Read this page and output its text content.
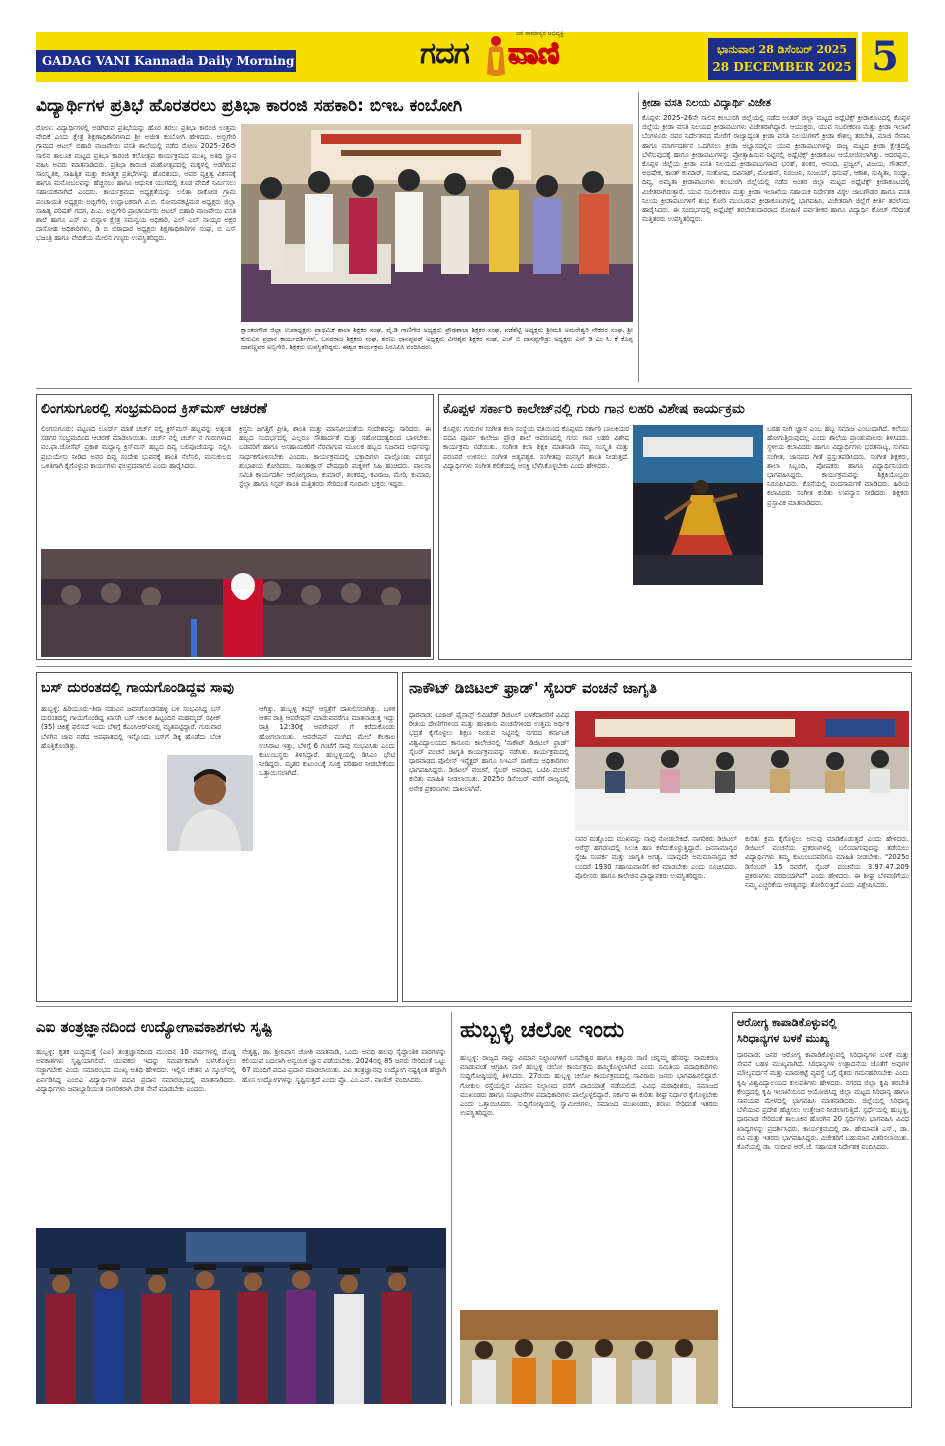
GADAG VANI Kannada Daily Morning	ಗದಗ ವಾಣಿ
ಜನ ಸಾಮಾನ್ಯರ ಅಭಿವ್ಯಕ್ತಿ
ಭಾನುವಾರ 28 ಡಿಸೆಂಬರ್ 2025
28 DECEMBER 2025 5
ವಿದ್ಯಾರ್ಥಿಗಳ ಪ್ರತಿಭೆ ಹೊರತರಲು ಪ್ರತಿಭಾ ಕಾರಂಜಿ ಸಹಕಾರಿ: ಬಿಇಒ ಕಂಬೋಗಿ
ರೋಣ: ವಿದ್ಯಾರ್ಥಿಗಳಲ್ಲಿ ಅಡಗಿರುವ ಪ್ರತಿಭೆಯನ್ನು ಹೊರ ತರಲು ಪ್ರತಿಭಾ ಕಾರಂಜಿ ಉತ್ತಮ ವೇದಿಕೆ ಎಂದು ಕ್ಷೇತ್ರ ಶಿಕ್ಷಣಾಧಿಕಾರಿಗಳಾದ ಶ್ರೀ ಅಜೀತ ಕಂಬೋಗಿ ಹೇಳಿದರು. ಅಬ್ಬಿಗೇರಿ ಗ್ರಾಮದ ಆಟಲ್ ಬಿಹಾರಿ ವಾಜಪೇಯಿ ವಸತಿ ಶಾಲೆಯಲ್ಲಿ ನಡೆದ ರೋಣ 2025–26ನೇ ಸಾಲಿನ ತಾಲೂಕ ಮಟ್ಟದ ಪ್ರತಿಭಾ ಕಾರಂಜಿ ಕಲೋತ್ಸವ ಕಾರ್ಯಕ್ರಮದ ಮುಖ್ಯ ಅತಿಥಿ ಸ್ಥಾನ ವಹಿಸಿ ಅವರು ಮಾತನಾಡಿದರು. ಪ್ರತಿಭಾ ಕಾರಂಜಿ ಮಹೋತ್ಸವದಲ್ಲಿ ಮಕ್ಕಳಲ್ಲಿ ಅಡಗಿರುವ ಸಾಂಸ್ಕೃತಿಕ, ಸಾಹಿತ್ಯಿಕ ಮತ್ತು ಕಲಾತ್ಮಕ ಪ್ರತಿಭೆಗಳನ್ನು ಹೊರತಂದು, ಅವರ ವ್ಯಕ್ತಿತ್ವ ವಿಕಸನಕ್ಕೆ ಹಾಗೂ ಮನೋಬಲವನ್ನು ಹೆಚ್ಚಿಸಲು ಹಾಗೂ ಆಧುನಿಕ ಯುಗದಲ್ಲಿ ಕೂಡ ವೇದಿಕೆ ನಿರ್ಮಿಸಲು ಸಹಾಯಕವಾಗಿದೆ ಎಂದರು. ಕಾರ್ಯಕ್ರಮದ ಅಧ್ಯಕ್ಷತೆಯನ್ನು ಲಲಿತಾ ರಾಕೋಡ ಗ್ರಾಮ ಪಂಚಾಯತಿ ಅಧ್ಯಕ್ಷರು ಅಬ್ಬಿಗೇರಿ, ಉದ್ಘಾಟಕರಾಗಿ ವಿ.ಬಿ. ಸೋಮನಕಟ್ಟಿಮಠ ಅಧ್ಯಕ್ಷರು ಜಿಲ್ಲಾ ಸಾಹಿತ್ಯ ಪರಿಷತ್ ಗದಗ, ಪಿ.ಎ. ಅಬ್ಬಿಗೇರಿ ಪ್ರಾಚಾರ್ಯರು ಆಟಲ್ ಬಿಹಾರಿ ವಾಜಪೇಯಿ ವಸತಿ ಶಾಲೆ ಹಾಗೂ ಎಸ್ ಎ ಬಿನ್ನಾಳ ಕ್ಷೇತ್ರ ಸಮನ್ವಯ ಅಧಿಕಾರಿ, ಎಲ್ ಎಲ್ ನಾಯ್ಕರ ಅಕ್ಷರ ದಾಸೋಹ ಅಧಿಕಾರಿಗಳು, ಡಿ ಬಿ ಬಿರಾದಾರ ಅಧ್ಯಕ್ಷರು ಶಿಕ್ಷಣಾಧಿಕಾರಿಗಳ ಸಂಘ, ಬಿ ಎಸ್ ಭಜಂತ್ರಿ ಹಾಗೂ ವೇದಿಕೆಯ ಮೇಲಿನ ಗಣ್ಯರು ಉಪಸ್ಥಿತರಿದ್ದರು.
ಕ್ಷಾಂತರಗೌಡ ಜಿಲ್ಲಾ ಉಪಾಧ್ಯಕ್ಷರು ಪ್ರಾಥಮಿಕ ಶಾಲಾ ಶಿಕ್ಷಕರ ಸಂಘ, ವೈ.ಡಿ ಗಾಣಿಗೇರ ಅಧ್ಯಕ್ಷರು ಪ್ರೌಢಶಾಲಾ ಶಿಕ್ಷಕರ ಸಂಘ, ಪಡೆಶೆಟ್ಟಿ ಅಧ್ಯಕ್ಷರು ಶ್ರೀಮತಿ ಅಮರೇಶ್ವರಿ ನೌಕರರ ಸಂಘ, ಶ್ರೀ ಕುರುವಿನ ಪ್ರಧಾನ ಕಾರ್ಯದರ್ಶಿಗಳು, ಬಸವರಾಜ ಶಿಕ್ಷಕರು ಸಂಘ, ಶರಣು ಧಾನಪ್ಪವರ್ ಅಧ್ಯಕ್ಷರು ವೀರಶೈವ ಶಿಕ್ಷಕರ ಸಂಘ, ಎಚ್ ಬಿ ದಾನಪ್ಪಗೌಡ್ರು ಅಧ್ಯಕ್ಷರು ಎಸ್ ಡಿ ಎಂ ಸಿ, ಕೆ ಕೊಪ್ಪ ದಾವಣ್ಣವರ ಅಬ್ಬಿಗೇರಿ, ಶಿಕ್ಷಕರು ಉಪಸ್ಥಿತರಿದ್ದರು. ಈಶ್ವರ ಕಾರ್ಯಕ್ರಮ ನಿರೂಪಿಸಿ ವಂದಿಸಿದರು.
ಕ್ರೀಡಾ ವಸತಿ ನಿಲಯ ವಿದ್ಯಾರ್ಥಿ ವಿಜೇತ
ಕೊಪ್ಪಳ: 2025–26ನೇ ಸಾಲಿನ ಕಲಬುರಗಿ ಜಿಲ್ಲೆಯಲ್ಲಿ ನಡೆದ ಅಂತರ್ ಜಿಲ್ಲಾ ಮಟ್ಟದ ಅಥ್ಲೆಟಿಕ್ಸ್ ಕ್ರೀಡಾಕೂಟದಲ್ಲಿ ಕೊಪ್ಪಳ ಜಿಲ್ಲೆಯ ಕ್ರೀಡಾ ವಸತಿ ನಿಲಯದ ಕ್ರೀಡಾಪಟುಗಳು ವಿಜೇತರಾಗಿದ್ದಾರೆ. ಆಯುಕ್ತರು, ಯುವ ಸಬಲೀಕರಣ ಮತ್ತು ಕ್ರೀಡಾ ಇಲಾಖೆ ಬೆಂಗಳೂರು ರವರ ನಿರ್ದೇಶನದ ಮೇರೆಗೆ ರಾಜ್ಯಾದ್ಯಂತ ಕ್ರೀಡಾ ವಸತಿ ನಿಲಯಗಳಿಗೆ ಕ್ರೀಡಾ ಕೌಶಲ್ಯ ತರಬೇತಿ, ಮಾಜಿ ಸೇನಾನಿ ಹಾಗೂ ಮಾರ್ಗದರ್ಶನ ಒದಗಿಸಲು ಕ್ರೀಡಾ ಅಭ್ಯಾಸದಲ್ಲಿನ ಯುವ ಕ್ರೀಡಾಪಟುಗಳನ್ನು ರಾಜ್ಯ ಮಟ್ಟದ ಕ್ರೀಡಾ ಕ್ಷೇತ್ರದಲ್ಲಿ ಬೆಳೆಸುವುದಕ್ಕೆ ಹಾಗೂ ಕ್ರೀಡಾಪಟುಗಳನ್ನು ಪ್ರೋತ್ಸಾಹಿಸುವ ನಿಟ್ಟಿನಲ್ಲಿ ಅಥ್ಲೆಟಿಕ್ಸ್ ಕ್ರೀಡಾಕೂಟ ಆಯೋಜಿಸಲಾಗಿತ್ತು. ಆದರಪ್ಪನು, ಕೊಪ್ಪಳ ಜಿಲ್ಲೆಯ ಕ್ರೀಡಾ ವಸತಿ ನಿಲಯದ ಕ್ರೀಡಾಪಟುಗಳಾದ ಭರತ್, ಶಂಕರ, ಆನಂದ, ಪ್ರಜ್ವಲ್, ವಿಜಯ, ಗೌತಮ್, ಅಭಿಷೇಕ, ಕಾಂತ್ ಕುಮಾರ್, ಸಂತೋಷ, ದವಿನಾಶ್, ಮೋಹನ್, ನಿರಂಜನಿ, ಸಂಜಯ್, ಧನುಷ್, ಆಕಾಶ, ಸುಷ್ಮಿತಾ, ಸಂಧ್ಯಾ, ದಿವ್ಯ, ಅಮೃತಾ ಕ್ರೀಡಾಪಟುಗಳು ಕಲಬುರಗಿ ಜಿಲ್ಲೆಯಲ್ಲಿ ನಡೆದ ಅಂತರ ಜಿಲ್ಲಾ ಮಟ್ಟದ ಅಥ್ಲೆಟಿಕ್ಸ್ ಕ್ರೀಡಾಕೂಟದಲ್ಲಿ ವಿಜೇತರಾಗಿರುತ್ತಾರೆ. ಯುವ ಸಬಲೀಕರಣ ಮತ್ತು ಕ್ರೀಡಾ ಇಲಾಖೆಯ ಸಹಾಯಕ ನಿರ್ದೇಶಕ ವಿಠ್ಠಲ ಜಾಬಗೌಡರ ಹಾಗೂ ವಸತಿ ನಿಲಯ ಕ್ರೀಡಾಪಟುಗಳಿಗೆ ಶುಭ ಕೋರಿ ಮುಂಬರುವ ಕ್ರೀಡಾಕೂಟಗಳಲ್ಲಿ ಭಾಗವಹಿಸಿ, ವಿಜೇತರಾಗಿ ಜಿಲ್ಲೆಗೆ ಕೀರ್ತಿ ತರಲೆಂದು ಹಾರೈಸಿದರು. ಈ ಸಂದರ್ಭದಲ್ಲಿ ಅಥ್ಲೆಟಿಕ್ಸ್ ತರಬೇತುದಾರರಾದ ರೋಹಿಣಿ ಪರ್ವತೀಕರ ಹಾಗೂ ವಿದ್ಯಾರ್ಥಿ ಕೋಚ್ ಸೆರಿದಂತೆ ಮತ್ತಿತರರು ಉಪಸ್ಥಿತರಿದ್ದರು.
ಲಿಂಗಸುಗೂರಲ್ಲಿ ಸಂಭ್ರಮದಿಂದ ಕ್ರಿಸ್‌ಮಸ್ ಆಚರಣೆ
ಲಿಂಗಸುಗೂರು: ಪಟ್ಟಣದ ಲೂರ್ದ್ ಮಾತೆ ಚರ್ಚ್ ನಲ್ಲಿ ಕ್ರಿಸ್‌ಮಸ್ ಹಬ್ಬವನ್ನು ಅತ್ಯಂತ ಸಡಗರ ಸಂಭ್ರಮದಿಂದ ಆಚರಣೆ ಮಾಡಲಾಯಿತು. ಚರ್ಚ್ ನಲ್ಲಿ ಚರ್ಚ್ ನ ಗುರುಗಳಾದ ವಂ.ಫಾ.ಜೋಸೆಫ್ ಪ್ರಕಾಶ ಮದ್ದಾನ್ಯ ಕ್ರಿಸ್‌ಮಸ್ ಹಬ್ಬದ ದಿವ್ಯ ಬಲಿಪೂಜೆಯನ್ನು ಸಲ್ಲಿಸಿ ಪ್ರಭುಯೇಸು ನೀಡಿದ ಅವರ ದಿವ್ಯ ಸಂದೇಶ ಭುವನಕ್ಕೆ ಶಾಂತಿ ನೆಲೆಸಲಿ, ಮನುಕುಲದ ಒಳಿತಿಗಾಗಿ ಕೈಗೊಳ್ಳುವ ಕಾರ್ಯಗಳು ಫಲಪ್ರದವಾಗಲಿ ಎಂದು ಹಾರೈಸಿದರು.
ಕ್ರಿಸ್ತನು ಜಗತ್ತಿಗೆ ಪ್ರೀತಿ, ಶಾಂತಿ ಮತ್ತು ಮಾನವೀಯತೆಯ ಸಂದೇಶವನ್ನು ಸಾರಿದರು. ಈ ಹಬ್ಬದ ಸಂದರ್ಭದಲ್ಲಿ ಎಲ್ಲರೂ ಸೌಹಾರ್ದತೆ ಮತ್ತು ಸಹೋದರತ್ವದಿಂದ ಬಾಳಬೇಕು. ಬಡವರಿಗೆ ಹಾಗೂ ಅಸಹಾಯಕರಿಗೆ ನೆರವಾಗುವ ಮೂಲಕ ಹಬ್ಬದ ನಿಜವಾದ ಅರ್ಥವನ್ನು ಸಾರ್ಥಕಗೊಳಿಸಬೇಕು ಎಂದರು. ಕಾರ್ಯಕ್ರಮದಲ್ಲಿ ಭಕ್ತಾದಿಗಳು ಪಾಲ್ಗೊಂಡು ಪರಸ್ಪರ ಶುಭಾಶಯ ಕೋರಿದರು. ಸಾಂತಾಕ್ಲಾಸ್ ವೇಷಧಾರಿ ಮಕ್ಕಳಿಗೆ ಸಿಹಿ ಹಂಚಿದರು. ಪಾಲನಾ ಸಮಿತಿ ಕಾರ್ಯದರ್ಶಿ ಆರೋಗ್ಯರಾಜ, ಕುಮಾರ್, ಶಂಕರಪ್ಪ, ಕವಿರಾಜ, ಮೇರಿ, ಕುಮಾರ, ಸ್ಟೆಲ್ಲಾ ಹಾಗೂ ಸಿಸ್ಟರ್ ಶಾಂತಿ ಮತ್ತಿತರರು ಸೇರಿದಂತೆ ನೂರಾರು ಭಕ್ತರು ಇದ್ದರು.
ಕೊಪ್ಪಳ ಸರ್ಕಾರಿ ಕಾಲೇಜ್‌ನಲ್ಲಿ ಗುರು ಗಾನ ಲಹರಿ ವಿಶೇಷ ಕಾರ್ಯಕ್ರಮ
ಕೊಪ್ಪಳ: ಗುರುಗಳ ಸಂಗೀತ ಕಲಾ ಸಂಸ್ಥೆಯ ವತಿಯಿಂದ ಕೊಪ್ಪಳದ ಸರ್ಕಾರಿ ಬಾಲಕಿಯರ ಪದವಿ ಪೂರ್ವ ಕಾಲೇಜು ಪ್ರೌಢ ಶಾಲೆ ಆವರಣದಲ್ಲಿ ಗುರು ಗಾನ ಲಹರಿ ವಿಶೇಷ ಕಾರ್ಯಕ್ರಮ ನಡೆಯಿತು. ಸಂಗೀತ ಕಲಾ ಶಿಕ್ಷಕಿ ಮಾತನಾಡಿ ನಮ್ಮ ಸಂಸ್ಕೃತಿ ಮತ್ತು ಪರಂಪರೆ ಉಳಿಸಲು ಸಂಗೀತ ಅತ್ಯವಶ್ಯಕ. ಸಂಗೀತವು ಮನಸ್ಸಿಗೆ ಶಾಂತಿ ನೀಡುತ್ತದೆ. ವಿದ್ಯಾರ್ಥಿಗಳು ಸಂಗೀತ ಕಲಿಕೆಯಲ್ಲಿ ಆಸಕ್ತಿ ಬೆಳೆಸಿಕೊಳ್ಳಬೇಕು ಎಂದು ಹೇಳಿದರು.
ಬರಹ ನೀಗಿ ಜ್ಞಾನ ಎಂಬ ಹಬ್ಬ ಸಮಾಜ ಎಂಬುದಾಗಿದೆ. ಕಲೆಯು ಹೋಗುತ್ತಿರುವುದಲ್ಲ ಎಂದು ಶಾಲೆಯ ಪ್ರಾಂಶುಪಾಲರು ತಿಳಿಸಿದರು. ಸ್ಥಳೀಯ ಕಲಾವಿದರು ಹಾಗೂ ವಿದ್ಯಾರ್ಥಿಗಳು ಭರತನಾಟ್ಯ, ಸುಗಮ ಸಂಗೀತ, ಜಾನಪದ ಗೀತೆ ಪ್ರಸ್ತುತಪಡಿಸಿದರು. ಸಂಗೀತ ಶಿಕ್ಷಕರು, ಶಾಲಾ ಸಿಬ್ಬಂದಿ, ಪೋಷಕರು ಹಾಗೂ ವಿದ್ಯಾರ್ಥಿನಿಯರು ಭಾಗವಹಿಸಿದ್ದರು. ಕಾರ್ಯಕ್ರಮವನ್ನು ಶಿಕ್ಷಕಿಯೊಬ್ಬರು ನಿರೂಪಿಸಿದರು. ಕೊನೆಯಲ್ಲಿ ವಂದನಾರ್ಪಣೆ ಮಾಡಿದರು. ಹಿರಿಯ ಕಲಾವಿದರು ಸಂಗೀತ ಕುರಿತು ಉಪನ್ಯಾಸ ನೀಡಿದರು. ಶಿಕ್ಷಕರು ಪ್ರಸ್ತಾವಿಕ ಮಾತನಾಡಿದರು.
ಬಸ್ ದುರಂತದಲ್ಲಿ ಗಾಯಗೊಂಡಿದ್ದವ ಸಾವು
ಹುಬ್ಬಳ್ಳಿ: ಹಿರಿಯೂರು–ಶಿರಾ ನಡುವಿನ ಜವನಗೊಂಡನಹಳ್ಳಿ ಬಳಿ ಸಂಭವಿಸಿದ್ದ ಬಸ್ ದುರಂತದಲ್ಲಿ ಗಾಯಗೊಂಡಿದ್ದ ಖಾಸಗಿ ಬಸ್ ಚಾಲಕ ಹಿಟ್ಟಂದಿನ ಮಹಮ್ಮದ್ ರಫೀಕ್ (35) ಚಿಕಿತ್ಸೆ ಫಲಿಸದೆ ಇಂದು ಬೆಳಿಗ್ಗೆ ಕೆಎಂಸಿಆರ್‌ಐನಲ್ಲಿ ಮೃತಪಟ್ಟಿದ್ದಾರೆ. ಗುರುವಾರ ಬೆಳಗಿನ ಜಾವ ನಡೆದ ಅಪಘಾತದಲ್ಲಿ ಇನ್ನೊಂದು ಬಸ್‌ಗೆ ಡಿಕ್ಕಿ ಹೊಡೆದು ಬೆಂಕಿ ಹೊತ್ತಿಕೊಂಡಿತ್ತು.
ಆಗಿತ್ತು. ಹುಬ್ಬಳ್ಳಿ ಕಿಮ್ಸ್ ಆಸ್ಪತ್ರೆಗೆ ದಾಖಲಿಸಲಾಗಿತ್ತು. ಬಳಿಕ ಆತನ ರಾತ್ರಿ ಆಪರೇಷನ್ ಮಾಡುವವರೆಗೂ ಮಾತನಾಡುತ್ತ ಇದ್ದು ರಾತ್ರಿ 12:30ಕ್ಕೆ ಆಪರೇಷನ್ ಗೆ ಕರೆದುಕೊಂಡು ಹೋಗಲಾಯಿತು. ಆಪರೇಷನ್ ಮುಗಿದ ಮೇಲೆ ಕೆಲಕಾಲ ಉಸಿರಾಟ ಇತ್ತು, ಬೆಳಿಗ್ಗೆ 6 ಗಂಟೆಗೆ ಸಾವು ಸಂಭವಿಸಿತು ಎಂದು ಕುಟುಂಬಸ್ಥರು ತಿಳಿಸಿದ್ದಾರೆ. ಹುಬ್ಬಳ್ಳಿಯಲ್ಲಿ ಡಿಸಿಎಂ ಭೇಟಿ ನೀಡಿದ್ದರು. ಮೃತರ ಕುಟುಂಬಕ್ಕೆ ಸೂಕ್ತ ಪರಿಹಾರ ನೀಡಬೇಕೆಂದು ಒತ್ತಾಯಿಸಲಾಗಿದೆ.
ನಾಕೌಟ್ ಡಿಜಿಟಲ್ ಫ್ರಾಡ್' ಸೈಬರ್ ವಂಚನೆ ಜಾಗೃತಿ
ಧಾರವಾಡ: ಬಜಾಜ್ ಫೈನಾನ್ಸ್ ಲಿಮಿಟೆಡ್ ಡಿಜಿಟಲ್ ಬಳಕೆದಾರರಿಗೆ ವಿವಿಧ ರೀತಿಯ ದೇಣಿಗೆಗಳಿಂದ ಮತ್ತು ಹಣಕಾಸು ವಂಚನೆಗಳಿಂದ ಉತ್ತಮ ಅರ್ಥಿಕ ಭದ್ರತೆ ಕೈಗೊಳ್ಳಲು ಶಿಕ್ಷಣ ನೀಡುವ ನಿಟ್ಟಿನಲ್ಲಿ ನಗರದ ಕರ್ನಾಟಕ ವಿಶ್ವವಿದ್ಯಾಲಯದ ಕಾನೂನು ಕಾಲೇಜಿನಲ್ಲಿ 'ನಾಕೌಟ್ ಡಿಜಿಟಲ್ ಫ್ರಾಡ್' ಸೈಬರ್ ವಂಚನೆ ಜಾಗೃತಿ ಕಾರ್ಯಕ್ರಮವನ್ನು ನಡೆಸಿತು. ಕಾರ್ಯಕ್ರಮದಲ್ಲಿ ಧಾರವಾಡದ ಪೊಲೀಸ್ ಇನ್ಸ್ಪೆಕ್ಟರ್ ಹಾಗೂ ಸಿಇಎನ್ ಠಾಣೆಯ ಅಧಿಕಾರಿಗಳು ಭಾಗವಹಿಸಿದ್ದರು. ಡಿಜಿಟಲ್ ವಂಚನೆ, ಸೈಬರ್ ಅಪರಾಧ, ಒಟಿಪಿ ವಂಚನೆ ಕುರಿತು ಮಾಹಿತಿ ನೀಡಲಾಯಿತು. 2025ರ ಡಿಸೆಂಬರ್ ವರೆಗೆ ರಾಜ್ಯದಲ್ಲಿ ಅನೇಕ ಪ್ರಕರಣಗಳು ದಾಖಲಾಗಿವೆ.
ನವರ ಮತ್ತೊಂದು ಮುಖವನ್ನು ನಾವು ನೋಡಬೇಕಿದೆ. ನಾಗರಿಕರು ಡಿಜಿಟಲ್ ಅರೆಸ್ಟ್ ಹಗರಣದಲ್ಲಿ ಸಿಲುಕಿ ಹಣ ಕಳೆದುಕೊಳ್ಳುತ್ತಿದ್ದಾರೆ. ಜನಸಾಮಾನ್ಯರ ಸ್ನೇಹಿ ಸಂಪರ್ಕ ಮತ್ತು ಜಾಗೃತಿ ಅಗತ್ಯ. ಯಾವುದೇ ಅನುಮಾನಾಸ್ಪದ ಕರೆ ಬಂದರೆ 1930 ಸಹಾಯವಾಣಿಗೆ ಕರೆ ಮಾಡಬೇಕು ಎಂದು ಸೂಚಿಸಿದರು. ಪೊಲೀಸರು ಹಾಗೂ ಕಾಲೇಜಿನ ಪ್ರಾಧ್ಯಾಪಕರು ಉಪಸ್ಥಿತರಿದ್ದರು.
ಕುರಿತು ಕ್ರಮ ಕೈಗೊಳ್ಳಲು ಅನುವು ಮಾಡಿಕೊಡುತ್ತದೆ ಎಂದು ಹೇಳಿದರು. ಡಿಜಿಟಲ್ ವಂಚನೆಯ ಪ್ರಕರಣಗಳಲ್ಲಿ ಬಲಿಯಾಗುವುದನ್ನು ತಡೆಯಲು ವಿದ್ಯಾರ್ಥಿಗಳು ತಮ್ಮ ಕುಟುಂಬದವರಿಗೂ ಮಾಹಿತಿ ನೀಡಬೇಕು. "2025ರ ಡಿಸೆಂಬರ್ 15 ರವರೆಗೆ, ಸೈಬರ್ ವಂಚನೆಯ 3.97.47.209 ಪ್ರಕರಣಗಳು ವರದಿಯಾಗಿವೆ" ಎಂದು ಹೇಳಿದರು. ಈ ಶೀಘ್ರ ಬೆಳವಣಿಗೆಯು ನಮ್ಮ ಎಚ್ಚರಿಕೆಯ ಅಗತ್ಯವನ್ನು ತೋರಿಸುತ್ತದೆ ಎಂದು ವಿಶ್ಲೇಷಿಸಿದರು.
ಎಐ ತಂತ್ರಜ್ಞಾನದಿಂದ ಉದ್ಯೋಗಾವಕಾಶಗಳು ಸೃಷ್ಟಿ
ಹುಬ್ಬಳ್ಳಿ: ಕೃತಕ ಬುದ್ಧಿಮತ್ತೆ (ಎಐ) ತಂತ್ರಜ್ಞಾನದಿಂದ ಮುಂದಿನ 10 ವರ್ಷಗಳಲ್ಲಿ ದೊಡ್ಡ ಅವಕಾಶಗಳು ಸೃಷ್ಟಿಯಾಗಲಿವೆ. ಯುವಕರು ಇದನ್ನು ಸಮರ್ಪಕವಾಗಿ ಬಳಸಿಕೊಳ್ಳಲು ಸಜ್ಜಾಗಬೇಕು ಎಂದು ಸಮಾರಂಭದ ಮುಖ್ಯ ಅತಿಥಿ ಹೇಳಿದರು. ಇಲ್ಲಿನ ಚೇತನ ವಿ ಸ್ಕೂಲ್‌ನಲ್ಲಿ ಏರ್ಪಡಿಸಿದ್ದ ಎಂಬಿಎ ವಿದ್ಯಾರ್ಥಿಗಳ ಪದವಿ ಪ್ರದಾನ ಸಮಾರಂಭದಲ್ಲಿ ಮಾತನಾಡಿದರು. ವಿದ್ಯಾರ್ಥಿಗಳು ಜವಾಬ್ದಾರಿಯುತ ನಾಗರಿಕರಾಗಿ ದೇಶ ಸೇವೆ ಮಾಡಬೇಕು ಎಂದರು.
ನೇತೃತ್ವ, ಡಾ. ಶ್ರೀನಿವಾಸ ಜೋಶಿ ಮಾತನಾಡಿ, ಒಂದು ಅವಧಿ ಹಲವು ಸೈದ್ಧಾಂತಿಕ ಪಾಠಗಳನ್ನು ಕಲಿಯುವ ಬದಲಾಗಿ ಅನ್ವಯಿಕ ಜ್ಞಾನ ಪಡೆಯಬೇಕು. 2024ರಲ್ಲಿ 85 ಜನರು ಸೇರಿದಂತೆ ಒಟ್ಟು 67 ಮಂದಿಗೆ ಪದವಿ ಪ್ರದಾನ ಮಾಡಲಾಯಿತು. ಎಐ ತಂತ್ರಜ್ಞಾನವು ಉದ್ಯೋಗ ನಷ್ಟಕ್ಕಿಂತ ಹೆಚ್ಚಾಗಿ ಹೊಸ ಉದ್ಯೋಗಗಳನ್ನು ಸೃಷ್ಟಿಸುತ್ತದೆ ಎಂದು ಪ್ರೊ. ಎಂ.ಎನ್. ವಾಣಿಜ್ ವಂದಿಸಿದರು.
ಹುಬ್ಬಳ್ಳಿ ಚಲೋ ಇಂದು
ಹುಬ್ಬಳ್ಳಿ: ರಾಜ್ಯದ ನಾನ್ನು ವಿಮಾನ ನಿಲ್ದಾಣಗಳಿಗೆ ಬಸವೇಶ್ವರ ಹಾಗೂ ಕಿತ್ತೂರು ರಾಣಿ ಚನ್ನಮ್ಮ ಹೆಸರನ್ನು ನಾಮಕರಣ ಮಾಡುವಂತೆ ಆಗ್ರಹಿಸಿ ನಾಳೆ ಹುಬ್ಬಳ್ಳಿ ಚಲೋ ಕಾರ್ಯಕ್ರಮ ಹಮ್ಮಿಕೊಳ್ಳಲಾಗಿದೆ ಎಂದು ಸಮಿತಿಯ ಪದಾಧಿಕಾರಿಗಳು ಸುದ್ದಿಗೋಷ್ಠಿಯಲ್ಲಿ ತಿಳಿಸಿದರು. 27ರಂದು ಹುಬ್ಬಳ್ಳಿ ಚಲೋ ಕಾರ್ಯಕ್ರಮದಲ್ಲಿ ಸಾವಿರಾರು ಜನರು ಭಾಗವಹಿಸಲಿದ್ದಾರೆ. ಗೋಕುಲ ರಸ್ತೆಯಲ್ಲಿನ ವಿಮಾನ ನಿಲ್ದಾಣದ ವರೆಗೆ ಪಾದಯಾತ್ರೆ ನಡೆಯಲಿದೆ. ವಿವಿಧ ಮಠಾಧೀಶರು, ಸಮಾಜದ ಮುಖಂಡರು ಹಾಗೂ ಸಂಘಟನೆಗಳ ಪದಾಧಿಕಾರಿಗಳು ಪಾಲ್ಗೊಳ್ಳಲಿದ್ದಾರೆ. ಸರ್ಕಾರ ಈ ಕುರಿತು ಶೀಘ್ರ ನಿರ್ಧಾರ ಕೈಗೊಳ್ಳಬೇಕು ಎಂದು ಒತ್ತಾಯಿಸಿದರು. ಸುದ್ದಿಗೋಷ್ಠಿಯಲ್ಲಿ ಸ್ವಾಮೀಜಿಗಳು, ಸಮಾಜದ ಮುಖಂಡರು, ಶರಣು ಸೇರಿದಂತೆ ಇತರರು ಉಪಸ್ಥಿತರಿದ್ದರು.
ಆರೋಗ್ಯ ಕಾಪಾಡಿಕೊಳ್ಳುವಲ್ಲಿ
ಸಿರಿಧಾನ್ಯಗಳ ಬಳಕೆ ಮುಖ್ಯ
ಧಾರವಾಡ: ಜನರ ಆರೋಗ್ಯ ಕಾಪಾಡಿಕೊಳ್ಳುವಲ್ಲಿ ಸಿರಿಧಾನ್ಯಗಳ ಬಳಕೆ ಮತ್ತು ಸೇವನೆ ಬಹಳ ಮುಖ್ಯವಾಗಿದೆ. ಸಿರಿಧಾನ್ಯಗಳ ಉತ್ಪಾದನೆಯ ಜೊತೆಗೆ ಅವುಗಳ ಮೌಲ್ಯವರ್ಧನೆ ಮತ್ತು ಮಾರುಕಟ್ಟೆ ವ್ಯವಸ್ಥೆ ಬಗ್ಗೆ ರೈತರು ಗಮನಹರಿಸಬೇಕು ಎಂದು ಕೃಷಿ ವಿಶ್ವವಿದ್ಯಾಲಯದ ಕುಲಪತಿಗಳು ಹೇಳಿದರು. ನಗರದ ಜಿಲ್ಲಾ ಕೃಷಿ ತರಬೇತಿ ಕೇಂದ್ರದಲ್ಲಿ ಕೃಷಿ ಇಲಾಖೆಯಿಂದ ಆಯೋಜಿಸಿದ್ದ ಜಿಲ್ಲಾ ಮಟ್ಟದ ಸಿರಿಧಾನ್ಯ ಹಾಗೂ ಸಾವಯವ ಮೇಳದಲ್ಲಿ ಭಾಗವಹಿಸಿ ಮಾತನಾಡಿದರು. ಜಿಲ್ಲೆಯಲ್ಲಿ ಸಿರಿಧಾನ್ಯ ಬೆಳೆಯುವ ಪ್ರದೇಶ ಹೆಚ್ಚಿಸಲು ಉತ್ತೇಜನ ನೀಡಲಾಗುತ್ತಿದೆ. ಸ್ಪರ್ಧೆಯಲ್ಲಿ ಹುಬ್ಬಳ್ಳಿ, ಧಾರವಾಡ ಸೇರಿದಂತೆ ತಾಲೂಕಿನ ಹೊರಗಿನ 20 ಸ್ಪರ್ಧಿಗಳು ಭಾಗವಹಿಸಿ ವಿವಿಧ ಖಾದ್ಯಗಳನ್ನು ಪ್ರದರ್ಶಿಸಿದರು. ಕಾರ್ಯಕ್ರಮದಲ್ಲಿ ಡಾ. ಹೇಮಾವತಿ ಎಸ್., ಡಾ. ರವಿ ಮತ್ತು ಇತರರು ಭಾಗವಹಿಸಿದ್ದರು. ವಿಜೇತರಿಗೆ ಬಹುಮಾನ ವಿತರಿಸಲಾಯಿತು. ಕೊನೆಯಲ್ಲಿ ಡಾ. ಸಂದೀಪ ಆರ್.ಜೆ. ಸಹಾಯಕ ನಿರ್ದೇಶಕ ವಂದಿಸಿದರು.
